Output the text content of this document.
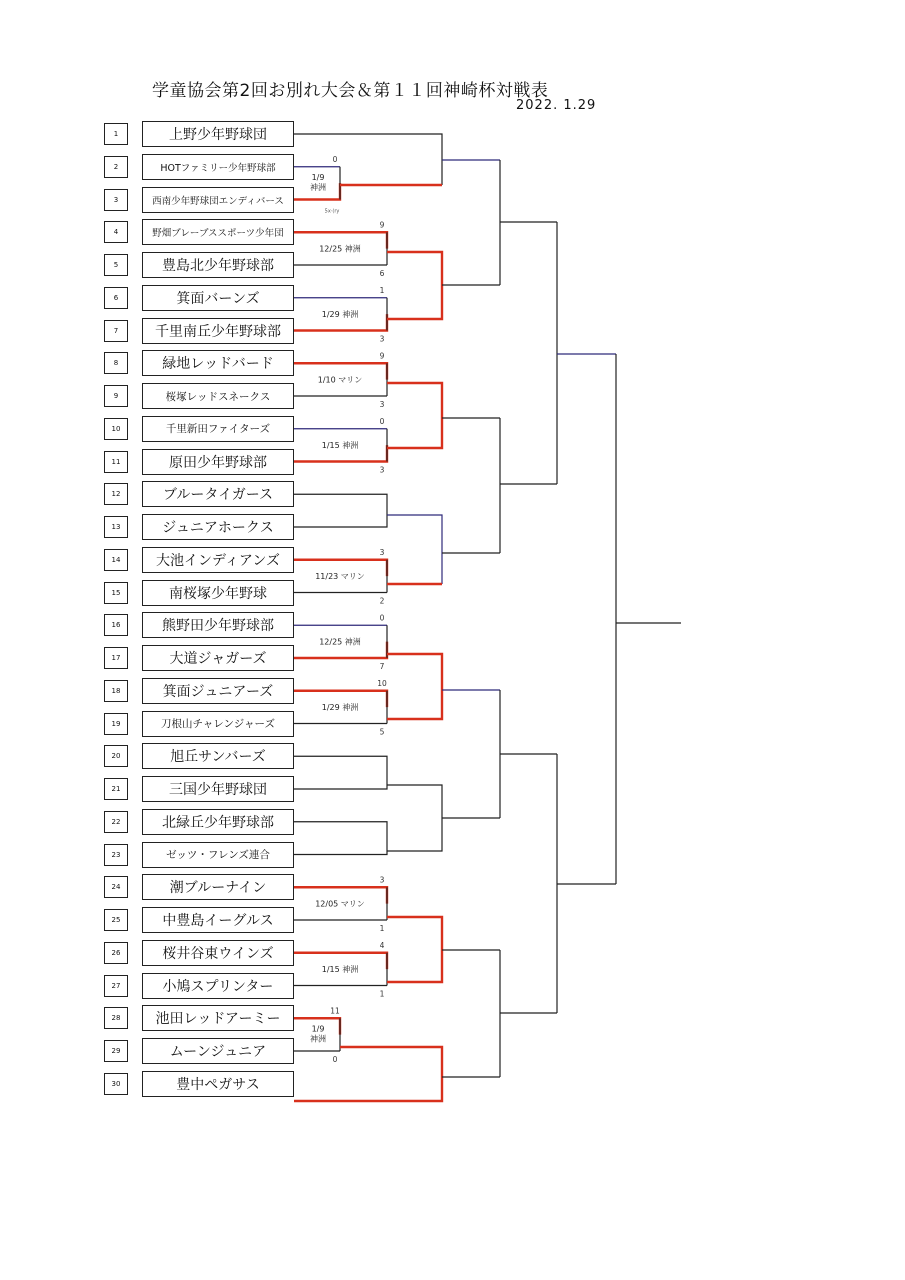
学童協会第2回お別れ大会＆第１１回神崎杯対戦表
2022. 1.29
1	上野少年野球団
2	HOTファミリー少年野球部
3	西南少年野球団エンディバース
4	野畑ブレーブススポーツ少年団
5	豊島北少年野球部
6	箕面バーンズ
7	千里南丘少年野球部
8	緑地レッドバード
9	桜塚レッドスネークス
10	千里新田ファイターズ
11	原田少年野球部
12	ブルータイガース
13	ジュニアホークス
14	大池インディアンズ
15	南桜塚少年野球
16	熊野田少年野球部
17	大道ジャガーズ
18	箕面ジュニアーズ
19	刀根山チャレンジャーズ
20	旭丘サンバーズ
21	三国少年野球団
22	北緑丘少年野球部
23	ゼッツ・フレンズ連合
24	潮ブルーナイン
25	中豊島イーグルス
26	桜井谷東ウインズ
27	小鳩スプリンター
28	池田レッドアーミー
29	ムーンジュニア
30	豊中ペガサス
0
1/9
神洲
5x·(ry
9
6
12/25 神洲
1
3
1/29 神洲
9
3
1/10 マリン
0
3
1/15 神洲
3
2
11/23 マリン
0
7
12/25 神洲
10
5
1/29 神洲
3
1
12/05 マリン
4
1
1/15 神洲
11
0
1/9
神洲
